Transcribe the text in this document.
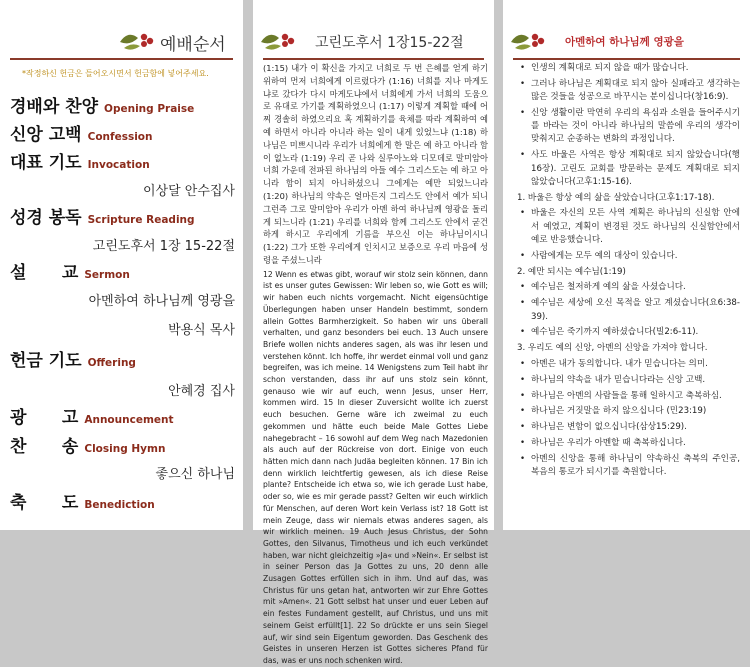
예배순서
*작정하신 헌금은 들어오시면서 헌금함에 넣어주세요.
경배와 찬양 Opening Praise
신앙 고백 Confession
대표 기도 Invocation
이상달 안수집사
성경 봉독 Scripture Reading
고린도후서 1장 15-22절
설      교 Sermon
아멘하여 하나님께 영광을
박용식 목사
헌금 기도 Offering
안혜경 집사
광      고 Announcement
찬      송 Closing Hymn
좋으신 하나님
축      도 Benediction
고린도후서 1장15-22절
(1:15) 내가 이 확신을 가지고 너희로 두 번 은혜를 얻게 하기 위하여 먼저 너희에게 이르렀다가 (1:16) 너희를 지나 마게도냐로 갔다가 다시 마게도냐에서 너희에게 가서 너희의 도움으로 유대로 가기를 계획하였으니 (1:17) 이렇게 계획할 때에 어찌 경솔히 하였으리요 혹 계획하기를 육체를 따라 계획하여 예 예 하면서 아니라 아니라 하는 일이 내게 있었느냐 (1:18) 하나님은 미쁘시니라 우리가 너희에게 한 말은 예 하고 아니라 함이 없노라 (1:19) 우리 곧 나와 실루아노와 디모데로 말미암아 너희 가운데 전파된 하나님의 아들 예수 그리스도는 예 하고 아니라 함이 되지 아니하셨으니 그에게는 예만 되었느니라 (1:20) 하나님의 약속은 얼마든지 그리스도 안에서 예가 되니 그런즉 그로 말미암아 우리가 아멘 하여 하나님께 영광을 돌리게 되느니라 (1:21) 우리를 너희와 함께 그리스도 안에서 굳건하게 하시고 우리에게 기름을 부으신 이는 하나님이시니 (1:22) 그가 또한 우리에게 인치시고 보증으로 우리 마음에 성령을 주셨느니라
12 Wenn es etwas gibt, worauf wir stolz sein können, dann ist es unser gutes Gewissen: Wir leben so, wie Gott es will; wir haben euch nichts vorgemacht. Nicht eigensüchtige Überlegungen haben unser Handeln bestimmt, sondern allein Gottes Barmherzigkeit. So haben wir uns überall verhalten, und ganz besonders bei euch. 13 Auch unsere Briefe wollen nichts anderes sagen, als was ihr lesen und verstehen könnt. Ich hoffe, ihr werdet einmal voll und ganz begreifen, was ich meine. 14 Wenigstens zum Teil habt ihr schon verstanden, dass ihr auf uns stolz sein könnt, genauso wie wir auf euch, wenn Jesus, unser Herr, kommen wird. 15 In dieser Zuversicht wollte ich zuerst euch besuchen. Gerne wäre ich zweimal zu euch gekommen und hätte euch beide Male Gottes Liebe nahegebracht – 16 sowohl auf dem Weg nach Mazedonien als auch auf der Rückreise von dort. Einige von euch hätten mich dann nach Judäa begleiten können. 17 Bin ich denn wirklich leichtfertig gewesen, als ich diese Reise plante? Entscheide ich etwa so, wie ich gerade Lust habe, oder so, wie es mir gerade passt? Gelten wir euch wirklich für Menschen, auf deren Wort kein Verlass ist? 18 Gott ist mein Zeuge, dass wir niemals etwas anderes sagen, als wir wirklich meinen. 19 Auch Jesus Christus, der Sohn Gottes, den Silvanus, Timotheus und ich euch verkündet haben, war nicht gleichzeitig »Ja« und »Nein«. Er selbst ist in seiner Person das Ja Gottes zu uns, 20 denn alle Zusagen Gottes erfüllen sich in ihm. Und auf das, was Christus für uns getan hat, antworten wir zur Ehre Gottes mit »Amen«. 21 Gott selbst hat unser und euer Leben auf ein festes Fundament gestellt, auf Christus, und uns mit seinem Geist erfüllt[1]. 22 So drückte er uns sein Siegel auf, wir sind sein Eigentum geworden. Das Geschenk des Geistes in unseren Herzen ist Gottes sicheres Pfand für das, was er uns noch schenken wird.
아멘하여 하나님께 영광을
• 인생의 계획대로 되지 않을 때가 많습니다.
• 그러나 하나님은 계획대로 되지 않아 실패라고 생각하는 많은 것들을 성공으로 바꾸시는 분이십니다(창16:9).
• 신앙 생활이란 막연히 우리의 욕심과 소원을 들어주시기를 바라는 것이 아니라 하나님의 말씀에 우리의 생각이 맞춰지고 순종하는 변화의 과정입니다.
• 사도 바울은 사역은 항상 계획대로 되지 않았습니다(행16장). 고린도 교회를 방문하는 문제도 계획대로 되지 않았습니다(고후1:15-16).
1. 바울은 항상 예의 삶을 살았습니다(고후1:17-18).
• 바울은 자신의 모든 사역 계획은 하나님의 신실함 안에서 예였고, 계획이 변경된 것도 하나님의 신실함안에서 예로 반응했습니다.
• 사람에게는 모두 예의 대상이 있습니다.
2. 예만 되시는 예수님(1:19)
• 예수님은 철저하게 예의 삶을 사셨습니다.
• 예수님은 세상에 오신 목적을 알고 계셨습니다(요6:38-39).
• 예수님은 죽기까지 예하셨습니다(빌2:6-11).
3. 우리도 예의 신앙, 아멘의 신앙을 가져야 합니다.
• 아멘은 내가 동의합니다. 내가 믿습니다는 의미.
• 하나님의 약속을 내가 믿습니다라는 신앙 고백.
• 하나님은 아멘의 사람들을 통해 일하시고 축복하심.
• 하나님은 거짓말을 하지 않으십니다 (민23:19)
• 하나님은 변함이 없으십니다(삼상15:29).
• 하나님은 우리가 아멘할 때 축복하십니다.
• 아멘의 신앙을 통해 하나님이 약속하신 축복의 주인공, 복음의 통로가 되시기를 축원합니다.
